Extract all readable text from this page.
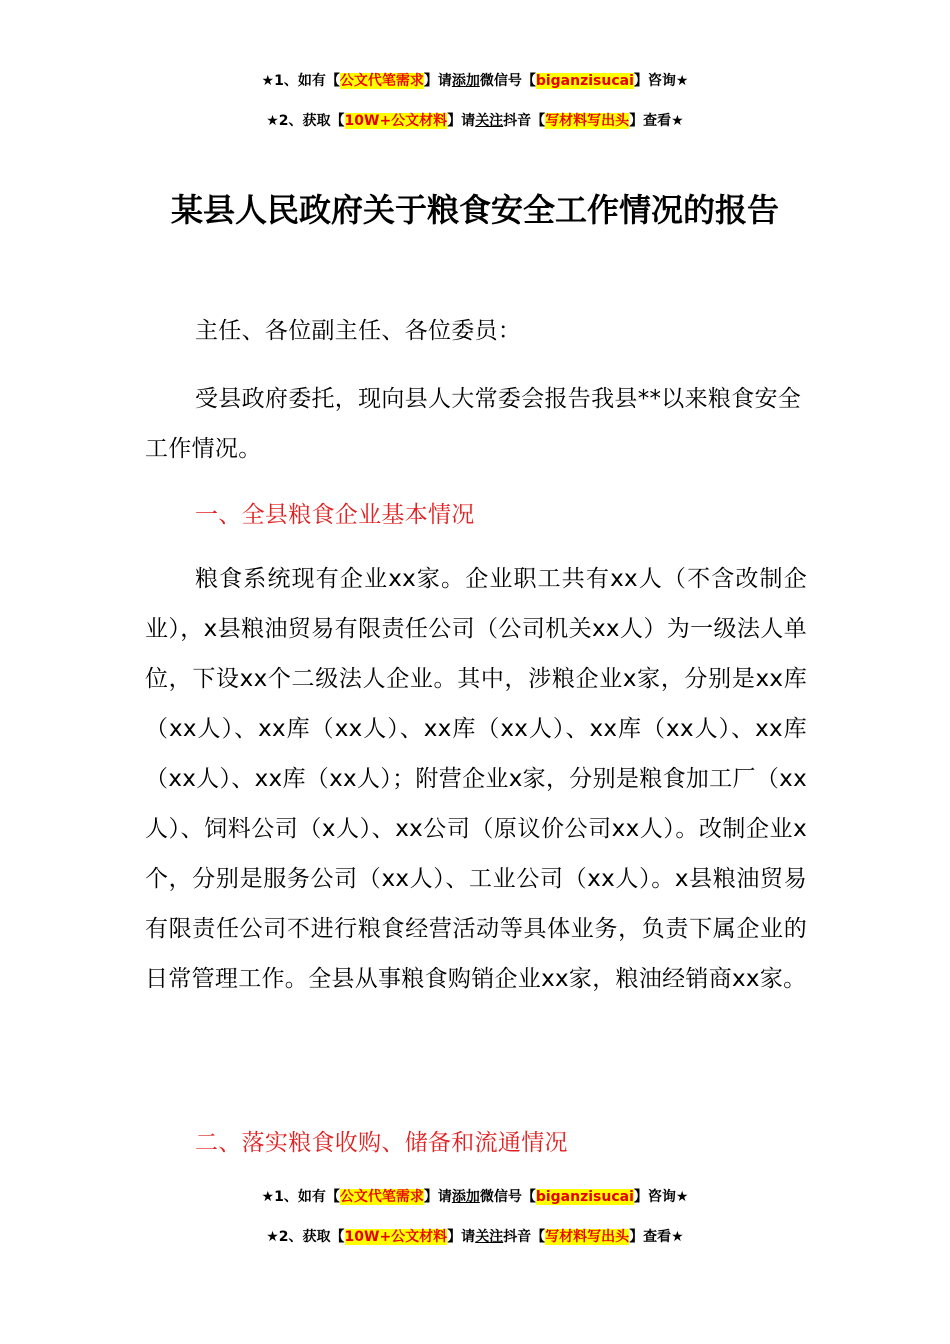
★1、如有【公文代笔需求】请添加微信号【biganzisucai】咨询★
★2、获取【10W+公文材料】请关注抖音【写材料写出头】查看★
某县人民政府关于粮食安全工作情况的报告
主任、各位副主任、各位委员：
受县政府委托，现向县人大常委会报告我县**以来粮食安全工作情况。
一、全县粮食企业基本情况
粮食系统现有企业xx家。企业职工共有xx人（不含改制企业），x县粮油贸易有限责任公司（公司机关xx人）为一级法人单位，下设xx个二级法人企业。其中，涉粮企业x家，分别是xx库（xx人）、xx库（xx人）、xx库（xx人）、xx库（xx人）、xx库（xx人）、xx库（xx人）；附营企业x家，分别是粮食加工厂（xx人）、饲料公司（x人）、xx公司（原议价公司xx人）。改制企业x个，分别是服务公司（xx人）、工业公司（xx人）。x县粮油贸易有限责任公司不进行粮食经营活动等具体业务，负责下属企业的日常管理工作。全县从事粮食购销企业xx家，粮油经销商xx家。
二、落实粮食收购、储备和流通情况
★1、如有【公文代笔需求】请添加微信号【biganzisucai】咨询★
★2、获取【10W+公文材料】请关注抖音【写材料写出头】查看★
